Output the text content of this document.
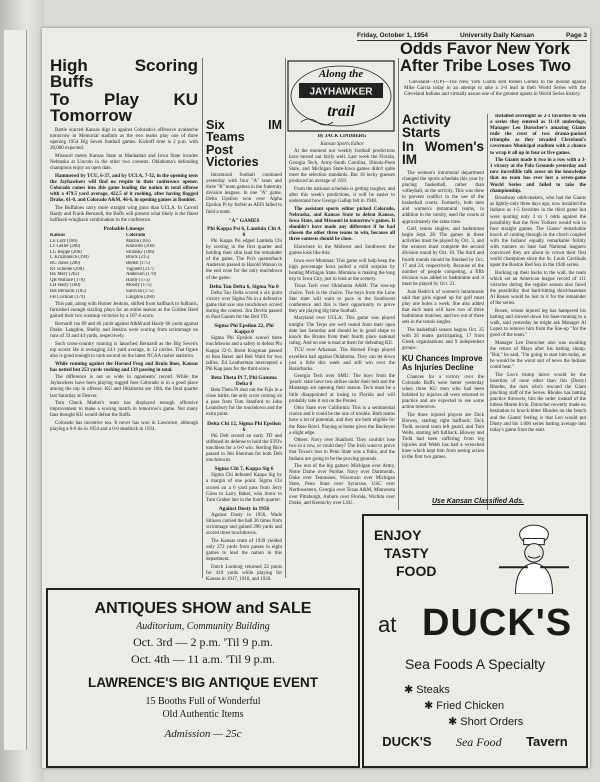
Friday, October 1, 1954	University Daily Kansan	Page 3

High Scoring Buffs

To Play KU Tomorrow

Battle scarred Kansas digs in against Colorado's offensive avalanche tomorrow in Memorial stadium as the two teams play one of three opening 1954 Big Seven football games. Kickoff time is 2 p.m. with 20,000 expected.

Missouri meets Kansas State at Manhattan and Iowa State invades Nebraska at Lincoln in the other two contests. Oklahoma's defending champions enjoy an open date.

Hammered by TCU, 6-37, and by UCLA, 7-32, in the opening tests the Jayhawkers will find no respite in their conference opener. Colorado comes into this game leading the nation in total offense with a 479.5 yard average, 422.5 of it rushing, after having flogged Drake, 61-0, and Colorado A&M, 46-6, in opening games at Boulder.

The Buffaloes carry more straight wing guns than UCLA. In Carroll Hardy and Frank Bernardi, the Buffs will present what likely is the finest halfback-wingback combination in the conference.

Probable Lineups
Kansas	Colorado
LE Lotz (186)	Martin (185)
LT Geller (200)	Knowles (200)
LG Roppe (206)	Stransky (186)
C Krizmanich (190)	Brock (215)
RG Jones (200)	Bedell (175)
RT Scheibe (208)	Vaguetti (217)
RE Mery (202)	Anderson (170)
QB Wallace (178)	Hardy (175)
LH Hasty (180)	Moody (175)
RH Bernardi (185)	Sullivan (175)
FB Cochran (179)	Langdon (260)

This pair, along with Homer Jenkins, shifted from halfback to fullback, furnished enough sizzling plays for an entire season as the Golden Herd gained their two warmup victories by a 107-6 score.

Bernardi ran 89 and 46 yards against A&M and Hardy 66 yards against Drake. Langdon, Shelby and Jenkins were scoring from scrimmage on runs of 33 and 44 yards, respectively.

Such cross-country running is launched Bernardi as the Big Seven's top scorer. He is averaging 24.1 yard average, in 12 carries. That figure also is good enough to rank second on the latest NCAA rusher statistics.

While running against the Horned Frog and Bruin lines, Kansas has netted but 253 yards rushing and 139 passing in total.

The difference is not so wide in opponents' record. While the Jayhawkers have been playing rugged foes Colorado is in a good place among the top in offense. KU and Oklahoma are 16th, the final quarter last Saturday at Denver.

Tom Chuck Mather's team has displayed enough offensive improvement to make a scoring match in tomorrow's game. Not many fans thought KU would defeat the Buffs.

Colorado has incentive too. It never has won in Lawrence, although playing a 6-6 tie in 1954 and a 0-0 deadlock in 1934.

Six IM Teams

Post Victories

Intramural football continued yesterday with four "A" team and three "B" team games in the fraternity division leagues. In one "A" game, Delta Upsilon won over Alpha Epsilon Pi by forfeit as AEPi failed to field a team.

"A" GAMES
Phi Kappa Psi 6, Lambda Chi A 0

Phi Kappa Psi edged Lambda Chi by scoring in the first quarter and holding their slim lead the remainder of the game. The Psi's quarterback Anderson passed to Harold Watson in the end zone for the only touchdown of the game.

Delta Tau Delta 6, Sigma Nu 0

Delta Tau Delta scored a six point victory over Sigma Nu in a defensive game that saw one touchdown scored during the contest. Jim Devlin passed to Paul Gamm for the Delt TD.

Sigma Phi Epsilon 22, Phi Kappa 0

Sigma Phi Epsilon scored three touchdowns and a safety to defeat Phi Kappa 22-0. Brent Kingman passed to Ron Baker and Bob Waid for two tallies. Ed Leatherman intercepted a Phi Kap pass for the third score.

Beta Theta Pi 7, Phi Gamma Delta 0

Beta Theta Pi shut out the Fijis in a close battle, the only score coming on a pass from Tom Stanford to John Lounsbury for the touchdown and the extra point.

Delta Chi 12, Sigma Phi Epsilon 6

Phi Delt scored an early TD and stiffened its defense to hold the STO's touchless for a 6-0 win. Sterling Rice passed to Jim Sherman for both Delt touchdowns.

Sigma Chi 7, Kappa Sig 6

Sigma Chi defeated Kappa Sig by a margin of one point. Sigma Chi scored on a 6 yard pass from Jerry Giess to Larry Baker, who threw to Tom Graber late in the fourth quarter.

Against Dusty in 1956

Against Dusty in 1956, Wade Stinson carried the ball 36 times from scrimmage and gained 290 yards and scored three touchdowns.

The Kansas team of 1939 yielded only 272 yards from passes in eight games to lead the nation in this department.

Dutch Lonborg returned 22 punts for 419 yards while playing for Kansas in 1917, 1918, and 1920.

Along the
JAYHAWKER
trail
By JACK LINDBERG
Kansan Sports Editor

At the moment our weekly football predictions have turned out fairly well. Last week the Florida, Georgia Tech, Army-South Carolina, Illinois-Penn State, and Michigan State-Iowa games didn't quite meet the selection standards. But 18 lucky guesses produced an average of .659.

From the national schedule is getting tougher, and after this week's predictions, it will be easier to understand how George Gallup felt in 1948.

The assistant sports editor picked Colorado, Nebraska, and Kansas State to defeat Kansas, Iowa State, and Missouri in tomorrow's games. It shouldn't have made any difference if he had chosen the other three teams to win, because all three contests should be close.

Elsewhere in the Midwest and Southwest the games look like this:

Iowa over Montana: This game will help keep the high percentage Iowa pulled a mild surprise by beating Michigan State. Montana is making the long trip to Iowa City, just to look at the scenery.

Texas Tech over Oklahoma A&M: The toss-up choice. Tech is the choice. The boys from the Lone Star state will want to pace in the Southwest conference and this is their opportunity to prove they are playing big time football.

Maryland over UCLA: This game was played tonight. The Terps are well rested from their open date last Saturday and should be in good shape to knock the Bruins from their fourth place national rating. And no one is mad at them for defeating KU.

TCU over Arkansas. The Horned Frogs played excellent ball against Oklahoma. They can let down just a little this week and still win over the Razorbacks.

Georgia Tech over SMU: The boys from the 'peach' state have two strikes under their belt and the Mustangs are opening their season. Tech must be a little disappointed at losing to Florida and will probably take it out on the Ponies.

Ohio State over California: This is a sentimental choice and it could be the one of trouble. Both teams have a lot of potential, and they are both eligible for the Rose Bowl. Playing at home gives the Buckeyes a slight edge.

Others: Navy over Stanford. They couldn't lose two in a row, or could they? The Irish want to prove that Texas's loss to Penn State was a fluke, and the Indians are going to be the proving grounds.

The rest of the big games: Michigan over Army, Notre Dame over Purdue, Navy over Dartmouth, Duke over Tennessee, Wisconsin over Michigan State, Penn State over Syracuse, USC over Northwestern, Georgia over Texas A&M, Minnesota over Pittsburgh, Auburn over Florida, Wichita over Drake, and Kentucky over LSU.

Odds Favor New York

After Tribe Loses Two

Cleveland—(UP)—The New York Giants sent Ruben Gomez to the mound against Mike Garcia today in an attempt to take a 3-0 lead in their World Series with the Cleveland Indians and virtually assure one of the greatest upsets in World Series history.

Installed overnight as 2-1 favorites to win a series they entered as 11-10 underdogs, Manager Leo Durocher's amazing Giants rode the crest of two drama-packed triumphs as they invaded Cleveland's cavernous Municipal stadium with a chance to wrap it all up in four or five games.

The Giants made it two in a row with a 3-1 victory at the Polo Grounds yesterday and now incredible talk arose on the knowledge that no team has ever lost a seven-game World Series and failed to take the championship.

Broadway odds-makers, who had the Giants as lightly-only three days ago, now installed the Indians as 1-5 favorites in the third game but were quoting only 2 to 1 odds against the possibility that the New Yorkers would win in four straight games. The Giants' remarkable knock of coming through in the clutch coupled with the Indians' equally remarkable futility with runners on base had National leaguers convinced they are about to crown their first world champions since the St. Louis Cardinals upset the Boston Red Sox in the 1946 series.

Backing up their backs to the wall, the team which set an American league record of 111 victories during the regular season also faced the possibility that hard-hitting third-baseman Al Rosen would be lost to it for the remainder of the series.

Rosen, whose injured leg has hampered his batting and slowed down his base-running to a walk, said yesterday he might ask Manager Al Lopez to remove him from the line-up "for the good of the team."

Manager Leo Durocher also was awaiting the return of Mays after his batting slump. "But," he said, "I'm going to start him today, as he would be the worst sort of news the Indians could hear."

The Leo's trump move would be the insertion of none other than Jim (Dusty) Rhodes, the man who's rescued the Giant pinching staff of the Series. Rhodes has batting practice throwers, hits the order instead of the hitless Monte Irvin. Durocher recently made no hesitation to knock-hitter Rhodes on the bench and the Giants' feeling is that Leo would put Dusty and his 1.000 series batting average into today's game from the start.

Activity Starts

In Women's IM

The women's intramural department changed the sports schedule this year by placing basketball, rather than volleyball, as the activity. This was done to prevent conflict in the use of the basketball courts. Formerly, both men and women's intramural teams, in addition to the varsity, used the courts at approximately the same time.

Golf, tennis singles, and badminton begin Sept. 28. The games in these activities must be played by Oct. 3, and the winners must complete the second division round by Oct. 10. The third and fourth rounds should be finished by Oct. 17 and 24, respectively. Because of the number of people competing, a fifth division was added to badminton and it must be played by Oct. 21.

Joan Hedrick of women's intramurals said that girls signed up for golf must play one holes a week. She also added that each team will have two of three badminton matches, and two out of three sets in the tennis singles.

The basketball season begins Oct. 25 with 26 teams participating, 17 from Greek organizations and 9 independent groups.

KU Chances Improve

As Injuries Decline

Chances for a victory over the Colorado Buffs were better yesterday when three KU men who had been hobbled by injuries all were returned to practice and are expected to see some action tomorrow.

The three injured players are Dick Blowey, starting right halfback; Dick Todd, second team left guard, and Tom Wells, starting left fullback. Blowey and Todd had been suffering from leg injuries and Webb has had a wrenched knee which kept him from seeing action in the first two games.

Use Kansan Classified Ads.

ANTIQUES SHOW and SALE

Auditorium, Community Building

Oct. 3rd — 2 p.m. 'Til 9 p.m.

Oct. 4th — 11 a.m. 'Til 9 p.m.

LAWRENCE'S BIG ANTIQUE EVENT

15 Booths Full of Wonderful

Old Authentic Items

Admission — 25c

ENJOY
TASTY
FOOD

at DUCK'S

Sea Foods A Specialty

✱ Steaks
✱ Fried Chicken
✱ Short Orders
DUCK'S Sea Food Tavern
